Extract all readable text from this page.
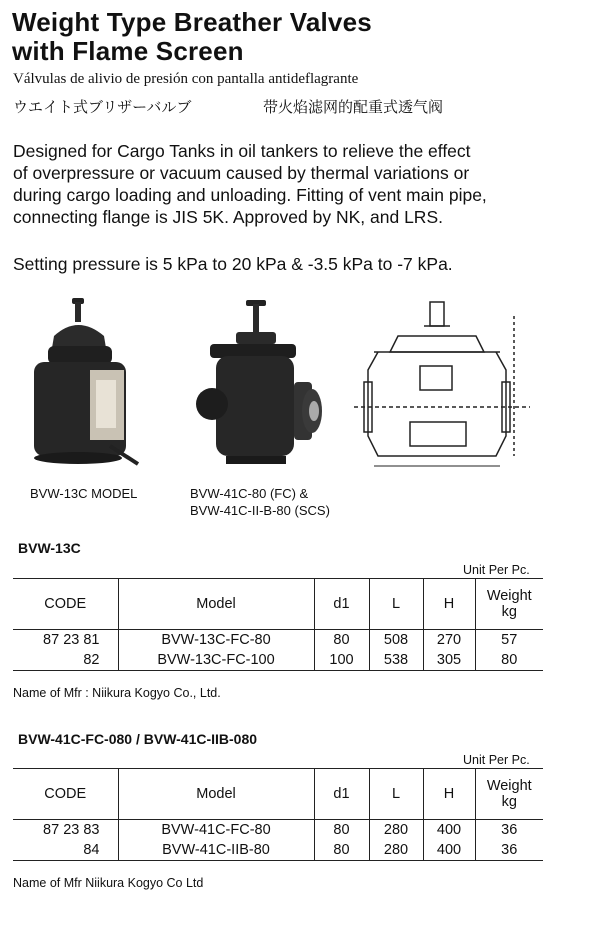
Weight Type Breather Valves
with Flame Screen
Válvulas de alivio de presión con pantalla antideflagrante
ウエイト式ブリザーバルブ	带火焰滤网的配重式透气阀

Designed for Cargo Tanks in oil tankers to relieve the effect

of overpressure or vacuum caused by thermal variations or

during cargo loading and unloading. Fitting of vent main pipe,

connecting flange is JIS 5K. Approved by NK, and LRS.

Setting pressure is 5 kPa to 20 kPa & -3.5 kPa to -7 kPa.
BVW-13C MODEL	BVW-41C-80 (FC) &
BVW-41C-II-B-80 (SCS)
BVW-13C
Unit Per Pc.
CODE	Model	d1	L	H	Weight
kg
87 23 81	BVW-13C-FC-80	80	508	270	57
82	BVW-13C-FC-100	100	538	305	80
Name of Mfr : Niikura Kogyo Co., Ltd.
BVW-41C-FC-080 / BVW-41C-IIB-080
Unit Per Pc.
CODE	Model	d1	L	H	Weight
kg
87 23 83	BVW-41C-FC-80	80	280	400	36
84	BVW-41C-IIB-80	80	280	400	36
Name of Mfr Niikura Kogyo Co Ltd
